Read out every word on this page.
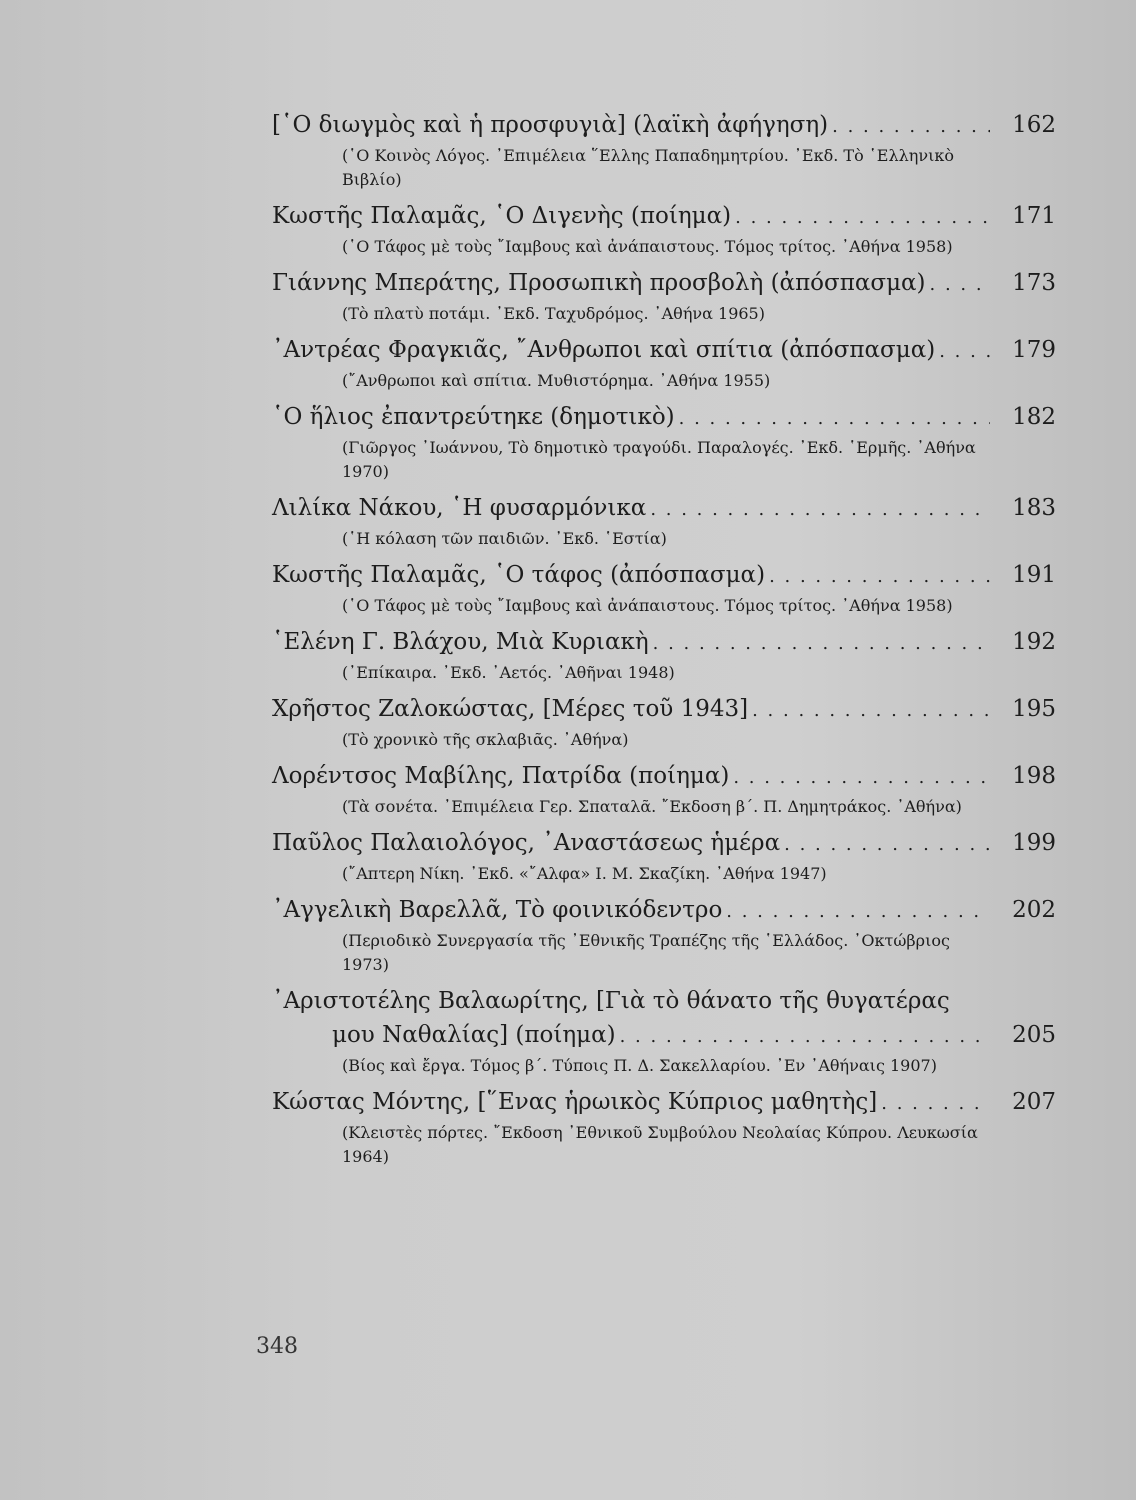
[῾Ο διωγμὸς καὶ ἡ προσφυγιὰ] (λαϊκὴ ἀφήγηση) . . .	162
(῾Ο Κοινὸς Λόγος. ᾿Επιμέλεια ῞Ελλης Παπαδημητρίου. ᾿Εκδ. Τὸ ῾Ελληνικὸ Βιβλίο)
Κωστῆς Παλαμᾶς, ῾Ο Διγενὴς (ποίημα) . . .	171
(῾Ο Τάφος μὲ τοὺς ῎Ιαμβους καὶ ἀνάπαιστους. Τόμος τρίτος. ᾿Αθήνα 1958)
Γιάννης Μπεράτης, Προσωπικὴ προσβολὴ (ἀπόσπασμα) . . .	173
(Τὸ πλατὺ ποτάμι. ᾿Εκδ. Ταχυδρόμος. ᾿Αθήνα 1965)
᾿Αντρέας Φραγκιᾶς, ῎Ανθρωποι καὶ σπίτια (ἀπόσπασμα) . . .	179
(῎Ανθρωποι καὶ σπίτια. Μυθιστόρημα. ᾿Αθήνα 1955)
῾Ο ἥλιος ἐπαντρεύτηκε (δημοτικὸ) . . .	182
(Γιῶργος ᾿Ιωάννου, Τὸ δημοτικὸ τραγούδι. Παραλογές. ᾿Εκδ. ῾Ερμῆς. ᾿Αθήνα 1970)
Λιλίκα Νάκου, ῾Η φυσαρμόνικα . . .	183
(῾Η κόλαση τῶν παιδιῶν. ᾿Εκδ. ῾Εστία)
Κωστῆς Παλαμᾶς, ῾Ο τάφος (ἀπόσπασμα) . . .	191
(῾Ο Τάφος μὲ τοὺς ῎Ιαμβους καὶ ἀνάπαιστους. Τόμος τρίτος. ᾿Αθήνα 1958)
῾Ελένη Γ. Βλάχου, Μιὰ Κυριακὴ . . .	192
(᾿Επίκαιρα. ᾿Εκδ. ᾿Αετός. ᾿Αθῆναι 1948)
Χρῆστος Ζαλοκώστας, [Μέρες τοῦ 1943] . . .	195
(Τὸ χρονικὸ τῆς σκλαβιᾶς. ᾿Αθήνα)
Λορέντσος Μαβίλης, Πατρίδα (ποίημα) . . .	198
(Τὰ σονέτα. ᾿Επιμέλεια Γερ. Σπαταλᾶ. ῎Εκδοση β΄. Π. Δημητράκος. ᾿Αθήνα)
Παῦλος Παλαιολόγος, ᾿Αναστάσεως ἡμέρα . . .	199
(῎Απτερη Νίκη. ᾿Εκδ. «῎Αλφα» Ι. Μ. Σκαζίκη. ᾿Αθήνα 1947)
᾿Αγγελικὴ Βαρελλᾶ, Τὸ φοινικόδεντρο . . .	202
(Περιοδικὸ Συνεργασία τῆς ᾿Εθνικῆς Τραπέζης τῆς ῾Ελλάδος. ᾿Οκτώβριος 1973)
᾿Αριστοτέλης Βαλαωρίτης, [Γιὰ τὸ θάνατο τῆς θυγατέρας
μου Ναθαλίας] (ποίημα) . . .	205
(Βίος καὶ ἔργα. Τόμος β΄. Τύποις Π. Δ. Σακελλαρίου. ᾿Εν ᾿Αθήναις 1907)
Κώστας Μόντης, [῞Ενας ἡρωικὸς Κύπριος μαθητὴς] . . .	207
(Κλειστὲς πόρτες. ῎Εκδοση ᾿Εθνικοῦ Συμβούλου Νεολαίας Κύπρου. Λευκωσία 1964)
348
